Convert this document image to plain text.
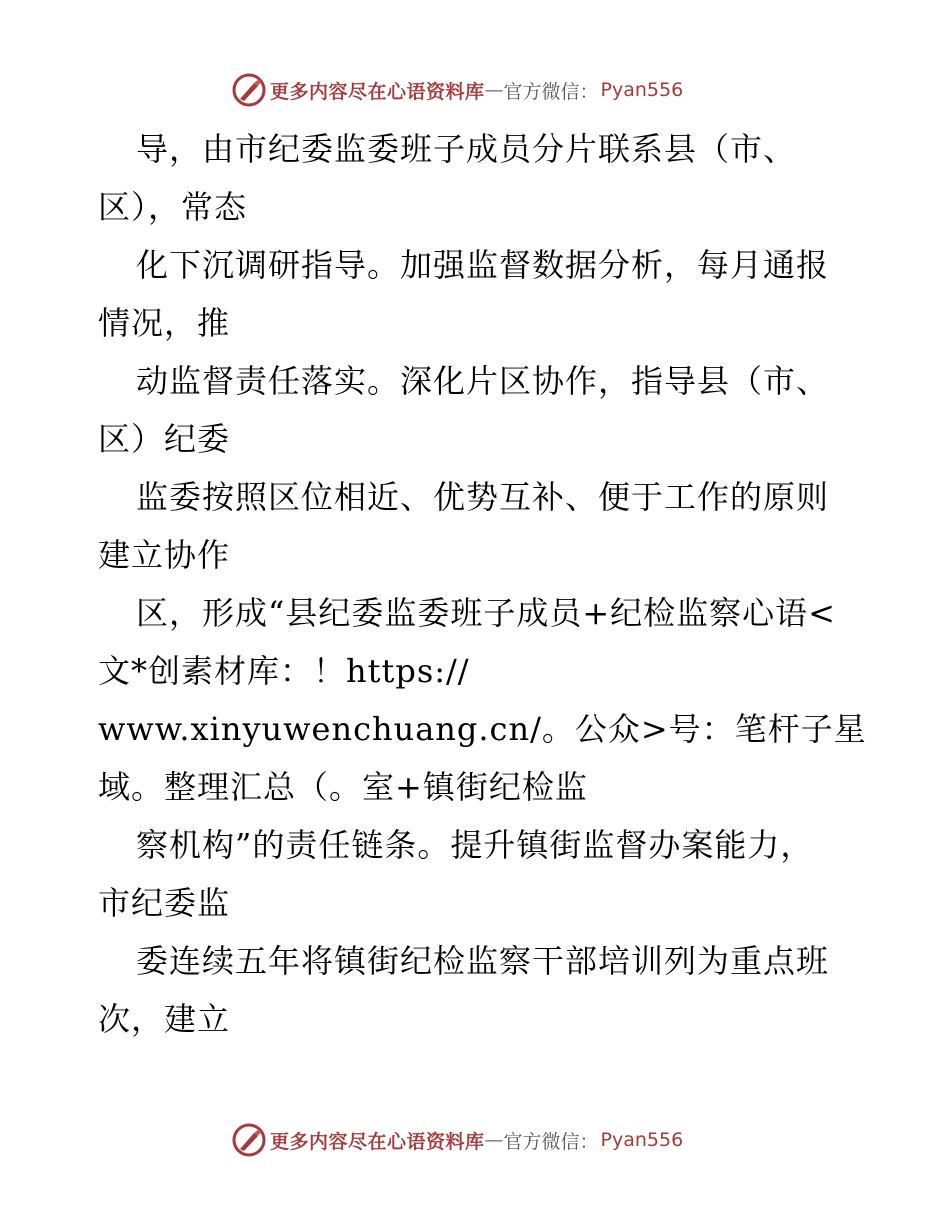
更多内容尽在心语资料库 — 官方微信： Pyan556
导，由市纪委监委班子成员分片联系县（市、
区），常态
化下沉调研指导。加强监督数据分析，每月通报
情况，推
动监督责任落实。深化片区协作，指导县（市、
区）纪委
监委按照区位相近、优势互补、便于工作的原则
建立协作
区，形成“县纪委监委班子成员+纪检监察心语<
文*创素材库：！https://
www.xinyuwenchuang.cn/。公众>号：笔杆子星
域。整理汇总（。室+镇街纪检监
察机构”的责任链条。提升镇街监督办案能力，
市纪委监
委连续五年将镇街纪检监察干部培训列为重点班
次，建立
更多内容尽在心语资料库 — 官方微信： Pyan556
